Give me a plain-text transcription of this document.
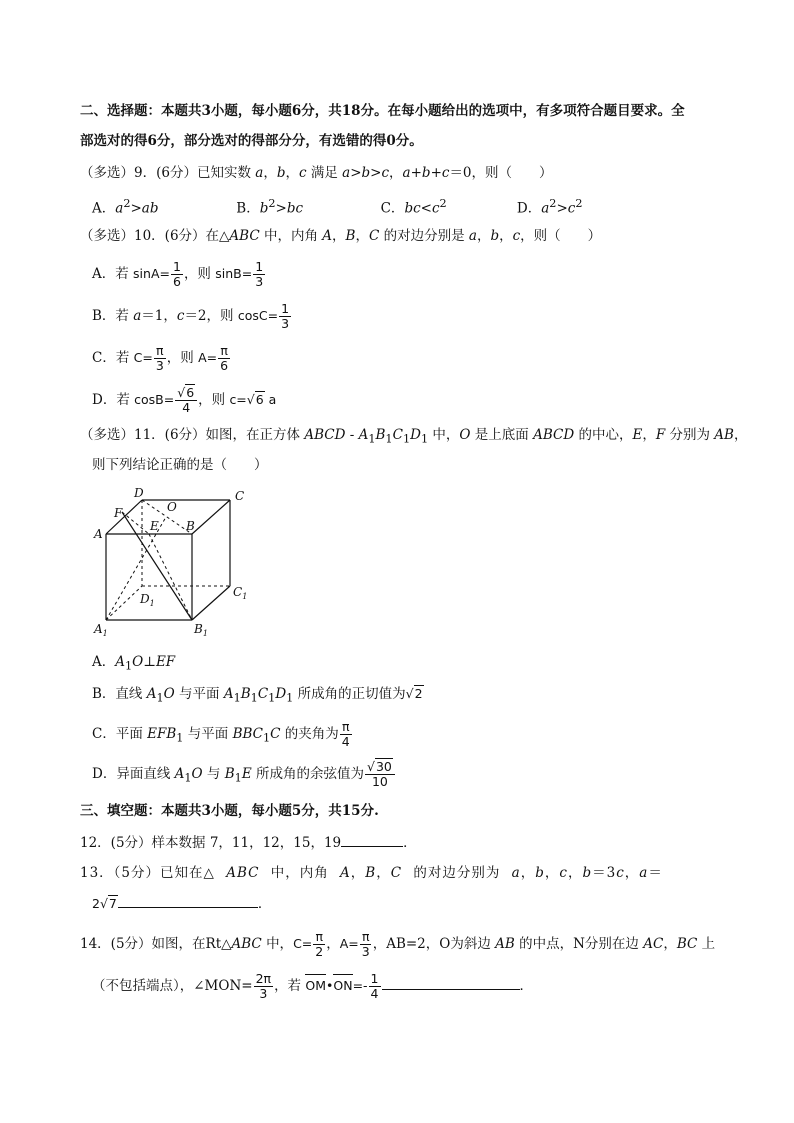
二、选择题：本题共3小题，每小题6分，共18分。在每小题给出的选项中，有多项符合题目要求。全
部选对的得6分，部分选对的得部分分，有选错的得0分。
（多选）9．(6分）已知实数 a，b，c 满足 a>b>c，a+b+c＝0，则（　　）
A．$a^2>ab$	B．$b^2>bc$	C．$bc<c^2$	D．$a^2>c^2$
（多选）10．(6分）在△ABC 中，内角 A，B，C 的对边分别是 a，b，c，则（　　）
A．若 $\sin A= \frac{1}{6}$ ，则 $\sin B= \frac{1}{3}$
B．若 a＝1，c＝2，则 $\cos C= \frac{1}{3}$
C．若 $C= \frac{\pi}{3}$ ，则 $A= \frac{\pi}{6}$
D．若 $\cos B= \frac{√6}{4}$ ，则 c=√6 a
（多选）11．(6分）如图，在正方体 ABCD - $A_1B_1C_1D_1$ 中，O 是上底面 ABCD 的中心，E，F 分别为 AB，
则下列结论正确的是（　　）
D	C
O
F
E B
A
$D_1$
$C_1$
$A_1$	$B_1$
A．$A_1O\perp EF$
B．直线 $A_1O$ 与平面 $A_1B_1C_1D_1$ 所成角的正切值为√2
C．平面 $EFB_1$ 与平面 $BBC_1C$ 的夹角为 $\frac{\pi}{4}$
D．异面直线 $A_1O$ 与 $B_1E$ 所成角的余弦值为 $\frac{√30}{10}$
三、填空题：本题共3小题，每小题5分，共15分.
12．(5分）样本数据 7，11，12，15，19	．
13．（5分）已知在△ ABC 中，内角 A，B，C 的对边分别为 a，b，c，b＝3c，a＝
2√7	．
14．(5分）如图，在Rt△ABC 中，$C= \frac{\pi}{2}$ ，$A= \frac{\pi}{3}$ ，AB=2，O为斜边 AB 的中点，N分别在边 AC，BC 上
（不包括端点），∠MON= $\frac{2\pi}{3}$ ，若 OM•ON=- $\frac{1}{4}$	．
